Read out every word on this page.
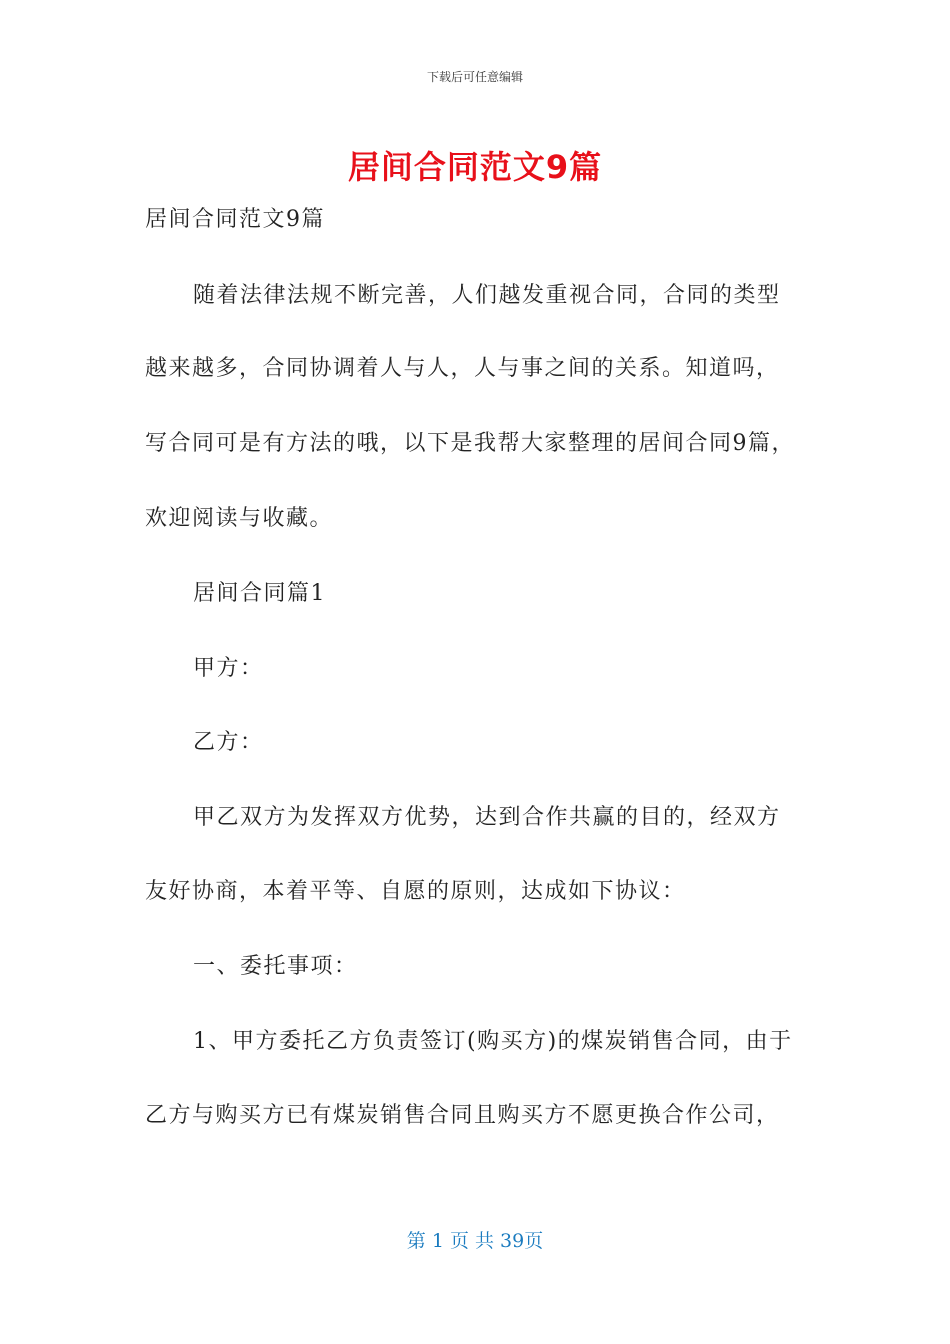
下载后可任意编辑
居间合同范文9篇
居间合同范文9篇
随着法律法规不断完善，人们越发重视合同，合同的类型
越来越多，合同协调着人与人，人与事之间的关系。知道吗，
写合同可是有方法的哦，以下是我帮大家整理的居间合同9篇，
欢迎阅读与收藏。
居间合同篇1
甲方：
乙方：
甲乙双方为发挥双方优势，达到合作共赢的目的，经双方
友好协商，本着平等、自愿的原则，达成如下协议：
一、委托事项：
1、甲方委托乙方负责签订(购买方)的煤炭销售合同，由于
乙方与购买方已有煤炭销售合同且购买方不愿更换合作公司，
第 1 页 共 39页
